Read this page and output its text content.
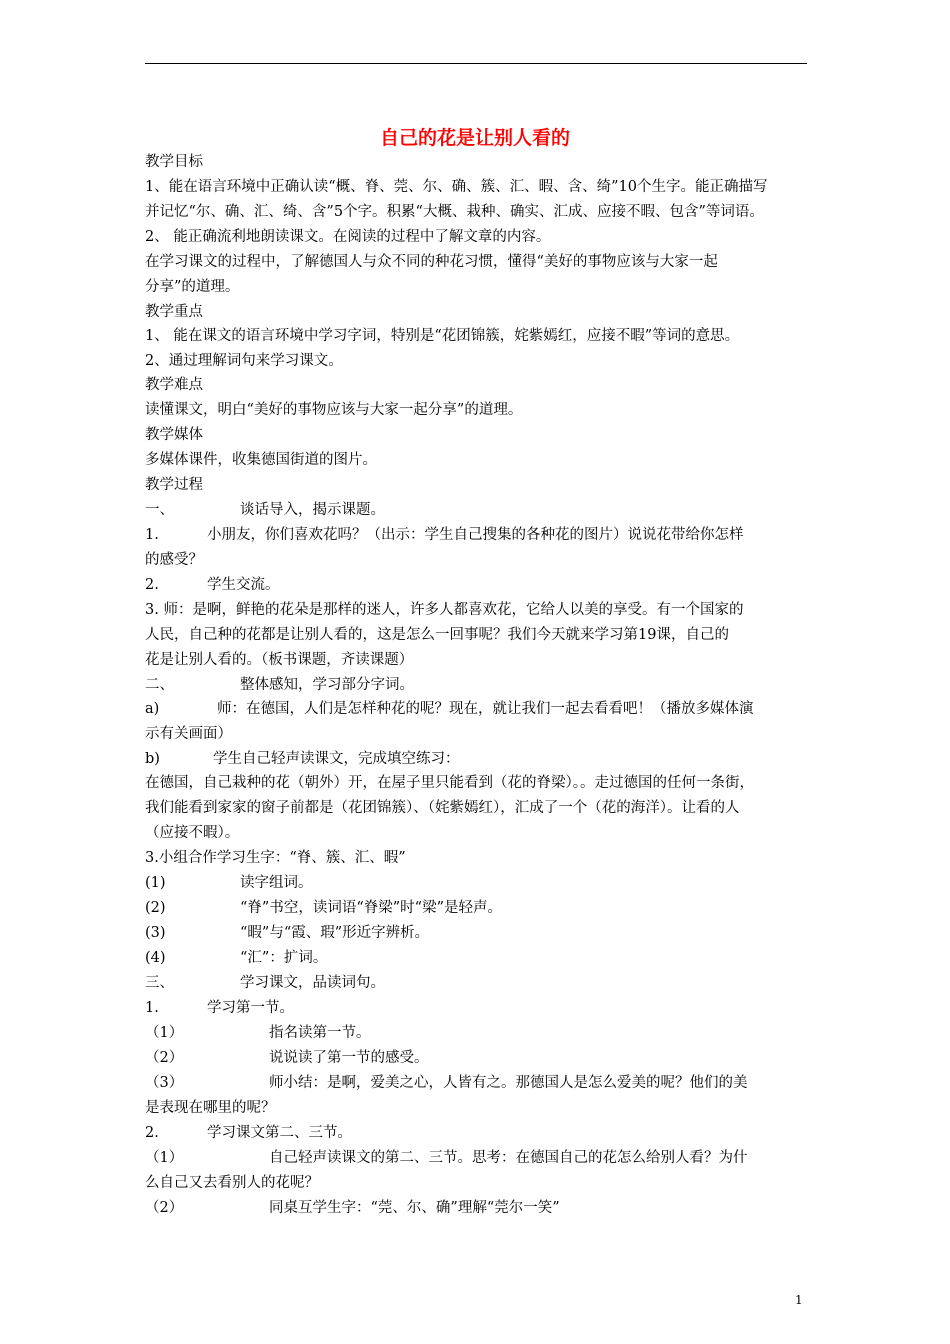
自己的花是让别人看的
教学目标
1、能在语言环境中正确认读“概、脊、莞、尔、确、簇、汇、暇、含、绮”10个生字。能正确描写
并记忆“尔、确、汇、绮、含”5个字。积累“大概、栽种、确实、汇成、应接不暇、包含”等词语。
2、 能正确流利地朗读课文。在阅读的过程中了解文章的内容。
在学习课文的过程中，了解德国人与众不同的种花习惯，懂得“美好的事物应该与大家一起
分享”的道理。
教学重点
1、 能在课文的语言环境中学习字词，特别是“花团锦簇，姹紫嫣红，应接不暇”等词的意思。
2、通过理解词句来学习课文。
教学难点
读懂课文，明白“美好的事物应该与大家一起分享”的道理。
教学媒体
多媒体课件，收集德国街道的图片。
教学过程
一、	谈话导入，揭示课题。
1.	小朋友，你们喜欢花吗？（出示：学生自己搜集的各种花的图片）说说花带给你怎样
的感受？
2.	学生交流。
3. 师：是啊，鲜艳的花朵是那样的迷人，许多人都喜欢花，它给人以美的享受。有一个国家的
人民，自己种的花都是让别人看的，这是怎么一回事呢？我们今天就来学习第19课，自己的
花是让别人看的。（板书课题，齐读课题）
二、	整体感知，学习部分字词。
a)	师：在德国，人们是怎样种花的呢？现在，就让我们一起去看看吧！（播放多媒体演
示有关画面）
b)	学生自己轻声读课文，完成填空练习：
在德国，自己栽种的花（朝外）开，在屋子里只能看到（花的脊梁）。。走过德国的任何一条街，
我们能看到家家的窗子前都是（花团锦簇）、（姹紫嫣红），汇成了一个（花的海洋）。让看的人
（应接不暇）。
3.小组合作学习生字：“脊、簇、汇、暇”
(1)	读字组词。
(2)	“脊”书空，读词语“脊梁”时“梁”是轻声。
(3)	“暇”与“霞、瑕”形近字辨析。
(4)	“汇”：扩词。
三、	学习课文，品读词句。
1.	学习第一节。
（1）	指名读第一节。
（2）	说说读了第一节的感受。
（3）	师小结：是啊，爱美之心，人皆有之。那德国人是怎么爱美的呢？他们的美
是表现在哪里的呢？
2.	学习课文第二、三节。
（1）	自己轻声读课文的第二、三节。思考：在德国自己的花怎么给别人看？为什
么自己又去看别人的花呢？
（2）	同桌互学生字：“莞、尔、确”理解“莞尔一笑”
1
